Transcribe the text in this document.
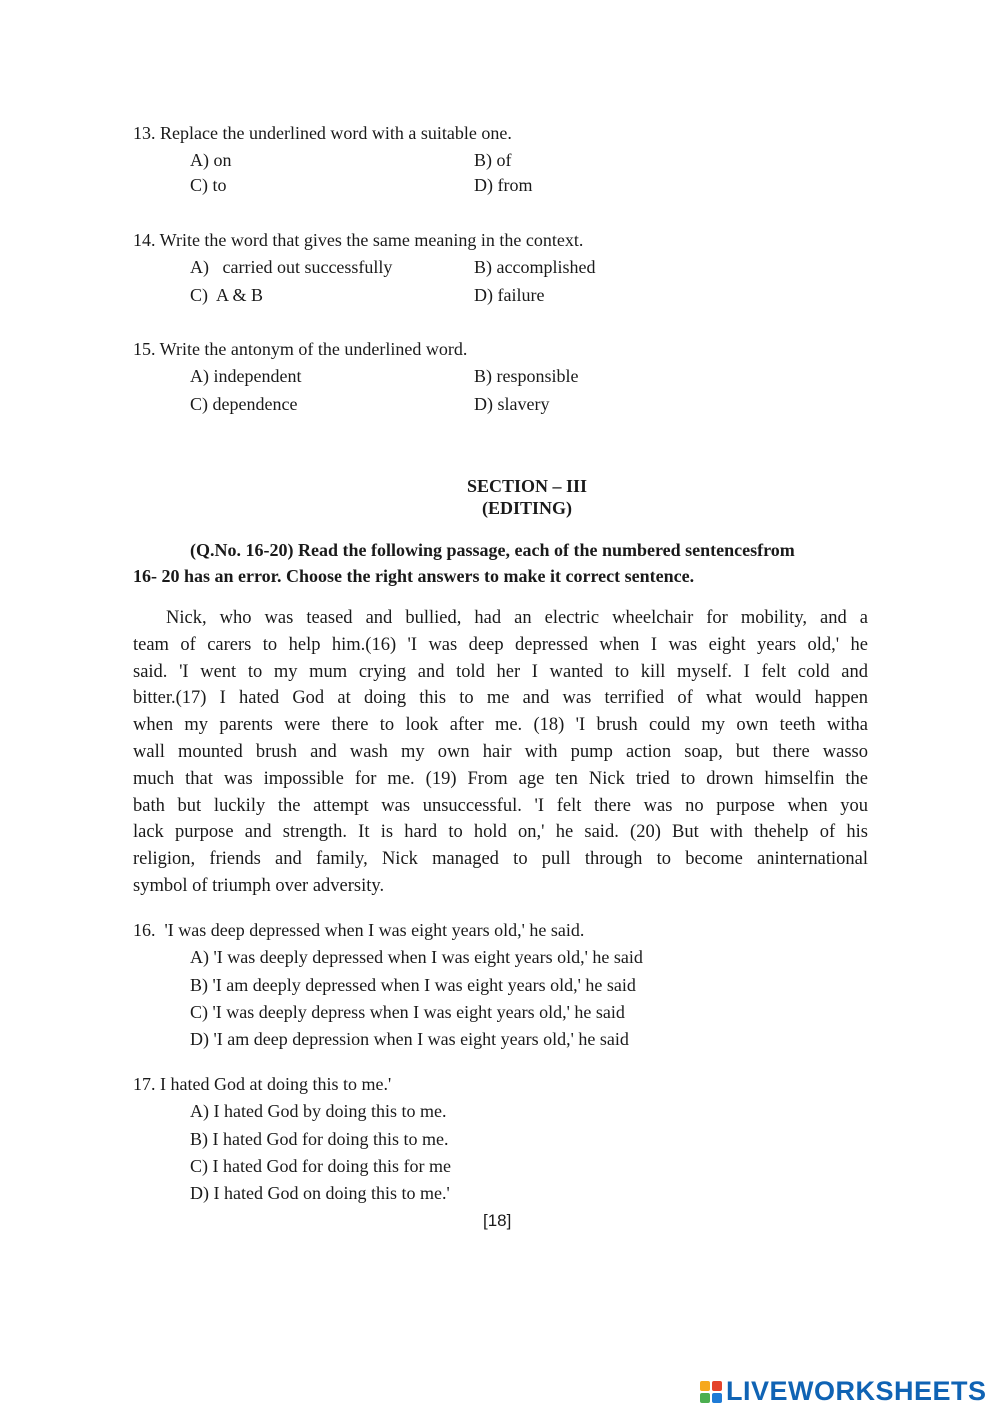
13. Replace the underlined word with a suitable one.
A) on	B) of
C) to	D) from
14. Write the word that gives the same meaning in the context.
A)   carried out successfully	B) accomplished
C)  A & B	D) failure
15. Write the antonym of the underlined word.
A) independent	B) responsible
C) dependence	D) slavery
SECTION – III
(EDITING)
(Q.No. 16-20) Read the following passage, each of the numbered sentencesfrom
16- 20 has an error. Choose the right answers to make it correct sentence.
Nick, who was teased and bullied, had an electric wheelchair for mobility, and a
team of carers to help him.(16) 'I was deep depressed when I was eight years old,' he
said. 'I went to my mum crying and told her I wanted to kill myself. I felt cold and
bitter.(17) I hated God at doing this to me and was terrified of what would happen
when my parents were there to look after me. (18) 'I brush could my own teeth witha
wall mounted brush and wash my own hair with pump action soap, but there wasso
much that was impossible for me. (19) From age ten Nick tried to drown himselfin the
bath but luckily the attempt was unsuccessful. 'I felt there was no purpose when you
lack purpose and strength. It is hard to hold on,' he said. (20) But with thehelp of his
religion, friends and family, Nick managed to pull through to become aninternational
symbol of triumph over adversity.
16.  'I was deep depressed when I was eight years old,' he said.
A) 'I was deeply depressed when I was eight years old,' he said
B) 'I am deeply depressed when I was eight years old,' he said
C) 'I was deeply depress when I was eight years old,' he said
D) 'I am deep depression when I was eight years old,' he said
17. I hated God at doing this to me.'
A) I hated God by doing this to me.
B) I hated God for doing this to me.
C) I hated God for doing this for me
D) I hated God on doing this to me.'
[18]
LIVEWORKSHEETS
